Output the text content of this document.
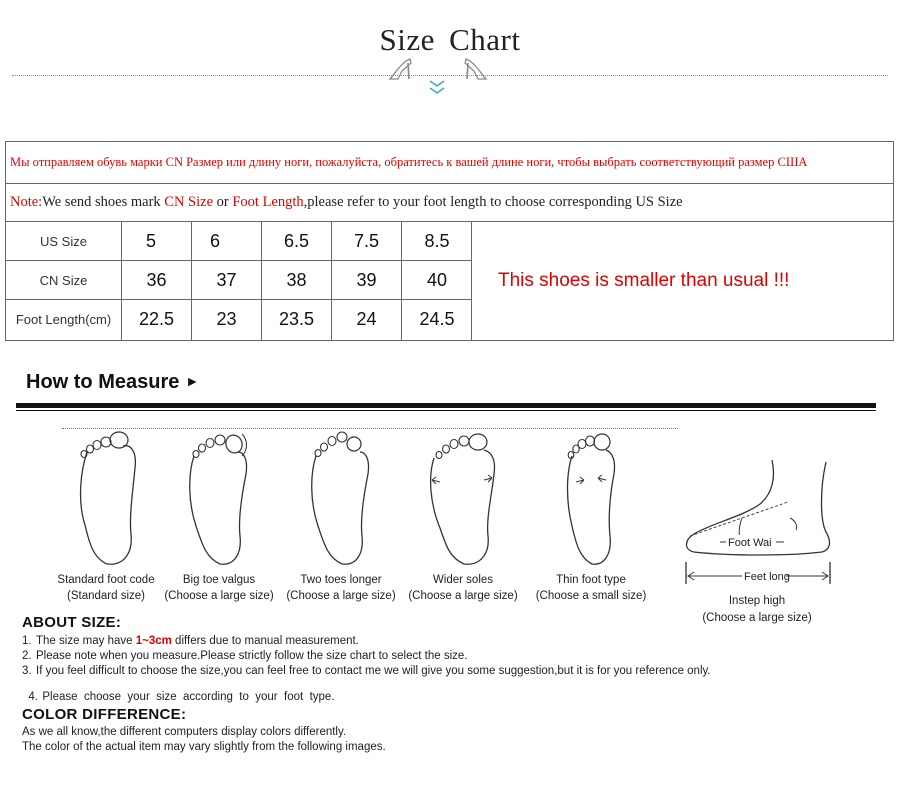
Size Chart
Мы отправляем обувь марки CN Размер или длину ноги, пожалуйста, обратитесь к вашей длине ноги, чтобы выбрать соответствующий размер США
Note:We send shoes mark CN Size or Foot Length,please refer to your foot length to choose corresponding US Size
US Size	5	6	6.5	7.5	8.5
CN Size	36	37	38	39	40
Foot Length(cm)	22.5	23	23.5	24	24.5
This shoes is smaller than usual !!!
How to Measure ►
Standard foot code
(Standard size)
Big toe valgus
(Choose a large size)
Two toes longer
(Choose a large size)
Wider soles
(Choose a large size)
Thin foot type
(Choose a small size)
Foot Wai
Feet long
Instep high
(Choose a large size)
ABOUT SIZE:
1. The size may have 1~3cm differs due to manual measurement.
2. Please note when you measure.Please strictly follow the size chart to select the size.
3. If you feel difficult to choose the size,you can feel free to contact me we will give you some suggestion,but it is for you reference only.

4. Please  choose  your  size  according  to  your  foot  type.

COLOR DIFFERENCE:
As we all know,the different computers display colors differently.
The color of the actual item may vary slightly from the following images.
